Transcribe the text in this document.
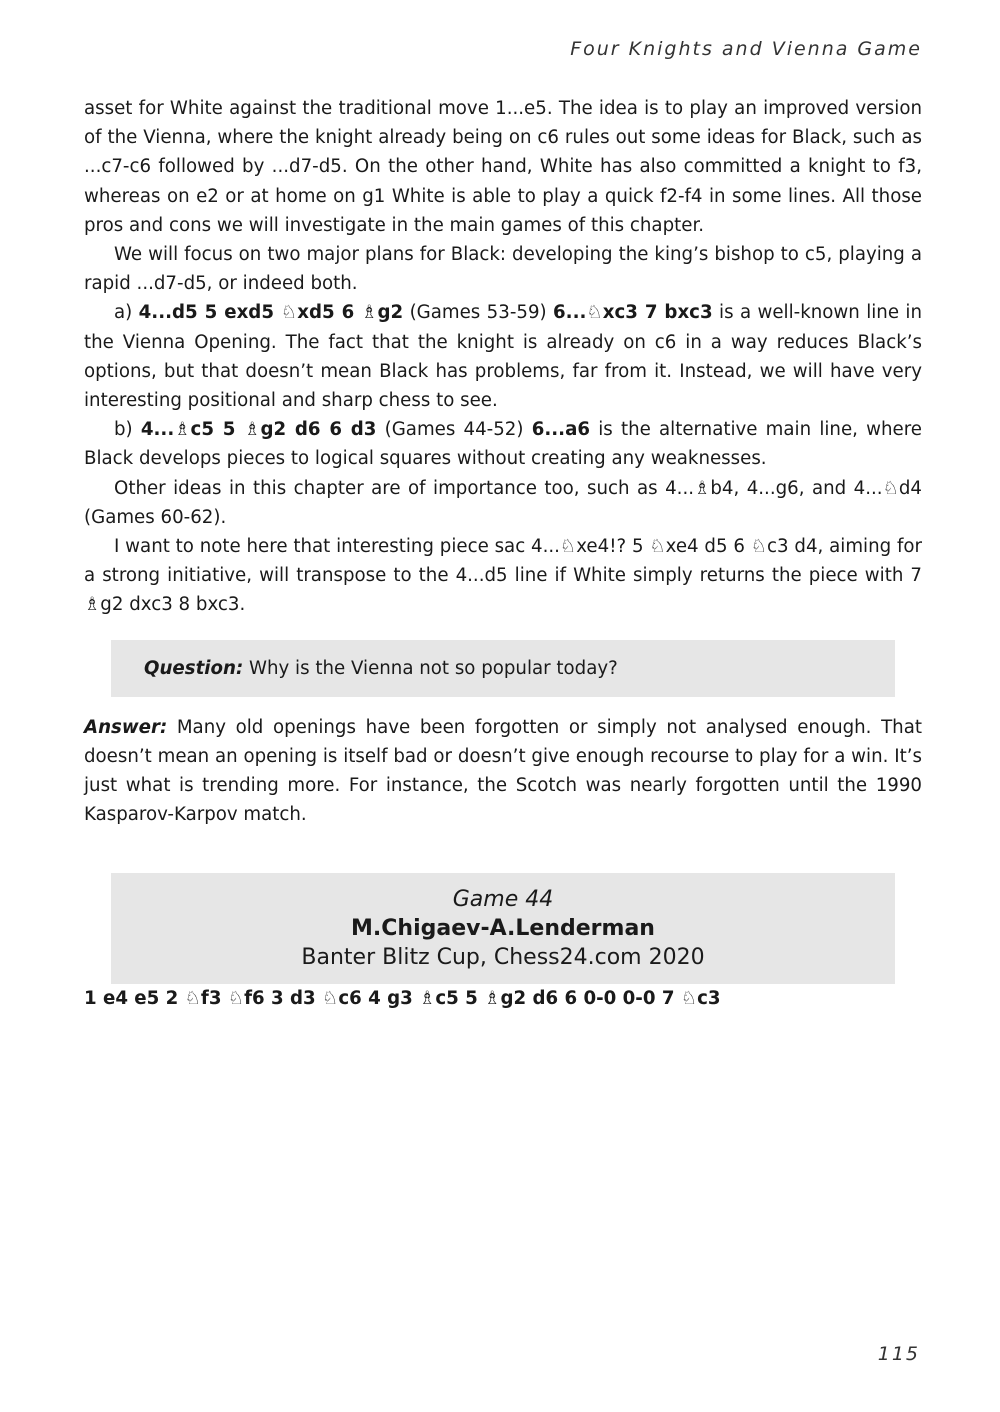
Four Knights and Vienna Game

asset for White against the traditional move 1...e5. The idea is to play an improved version of the Vienna, where the knight already being on c6 rules out some ideas for Black, such as ...c7-c6 followed by ...d7-d5. On the other hand, White has also committed a knight to f3, whereas on e2 or at home on g1 White is able to play a quick f2-f4 in some lines. All those pros and cons we will investigate in the main games of this chapter.

We will focus on two major plans for Black: developing the king’s bishop to c5, playing a rapid ...d7-d5, or indeed both.

a) 4...d5 5 exd5 ♘xd5 6 ♗g2 (Games 53-59) 6...♘xc3 7 bxc3 is a well-known line in the Vienna Opening. The fact that the knight is already on c6 in a way reduces Black’s options, but that doesn’t mean Black has problems, far from it. Instead, we will have very interesting positional and sharp chess to see.

b) 4...♗c5 5 ♗g2 d6 6 d3 (Games 44-52) 6...a6 is the alternative main line, where Black develops pieces to logical squares without creating any weaknesses.

Other ideas in this chapter are of importance too, such as 4...♗b4, 4...g6, and 4...♘d4 (Games 60-62).

I want to note here that interesting piece sac 4...♘xe4!? 5 ♘xe4 d5 6 ♘c3 d4, aiming for a strong initiative, will transpose to the 4...d5 line if White simply returns the piece with 7 ♗g2 dxc3 8 bxc3.

Question: Why is the Vienna not so popular today?

Answer: Many old openings have been forgotten or simply not analysed enough. That doesn’t mean an opening is itself bad or doesn’t give enough recourse to play for a win. It’s just what is trending more. For instance, the Scotch was nearly forgotten until the 1990 Kasparov-Karpov match.

Game 44
M.Chigaev-A.Lenderman
Banter Blitz Cup, Chess24.com 2020

1 e4 e5 2 ♘f3 ♘f6 3 d3 ♘c6 4 g3 ♗c5 5 ♗g2 d6 6 0-0 0-0 7 ♘c3

115
